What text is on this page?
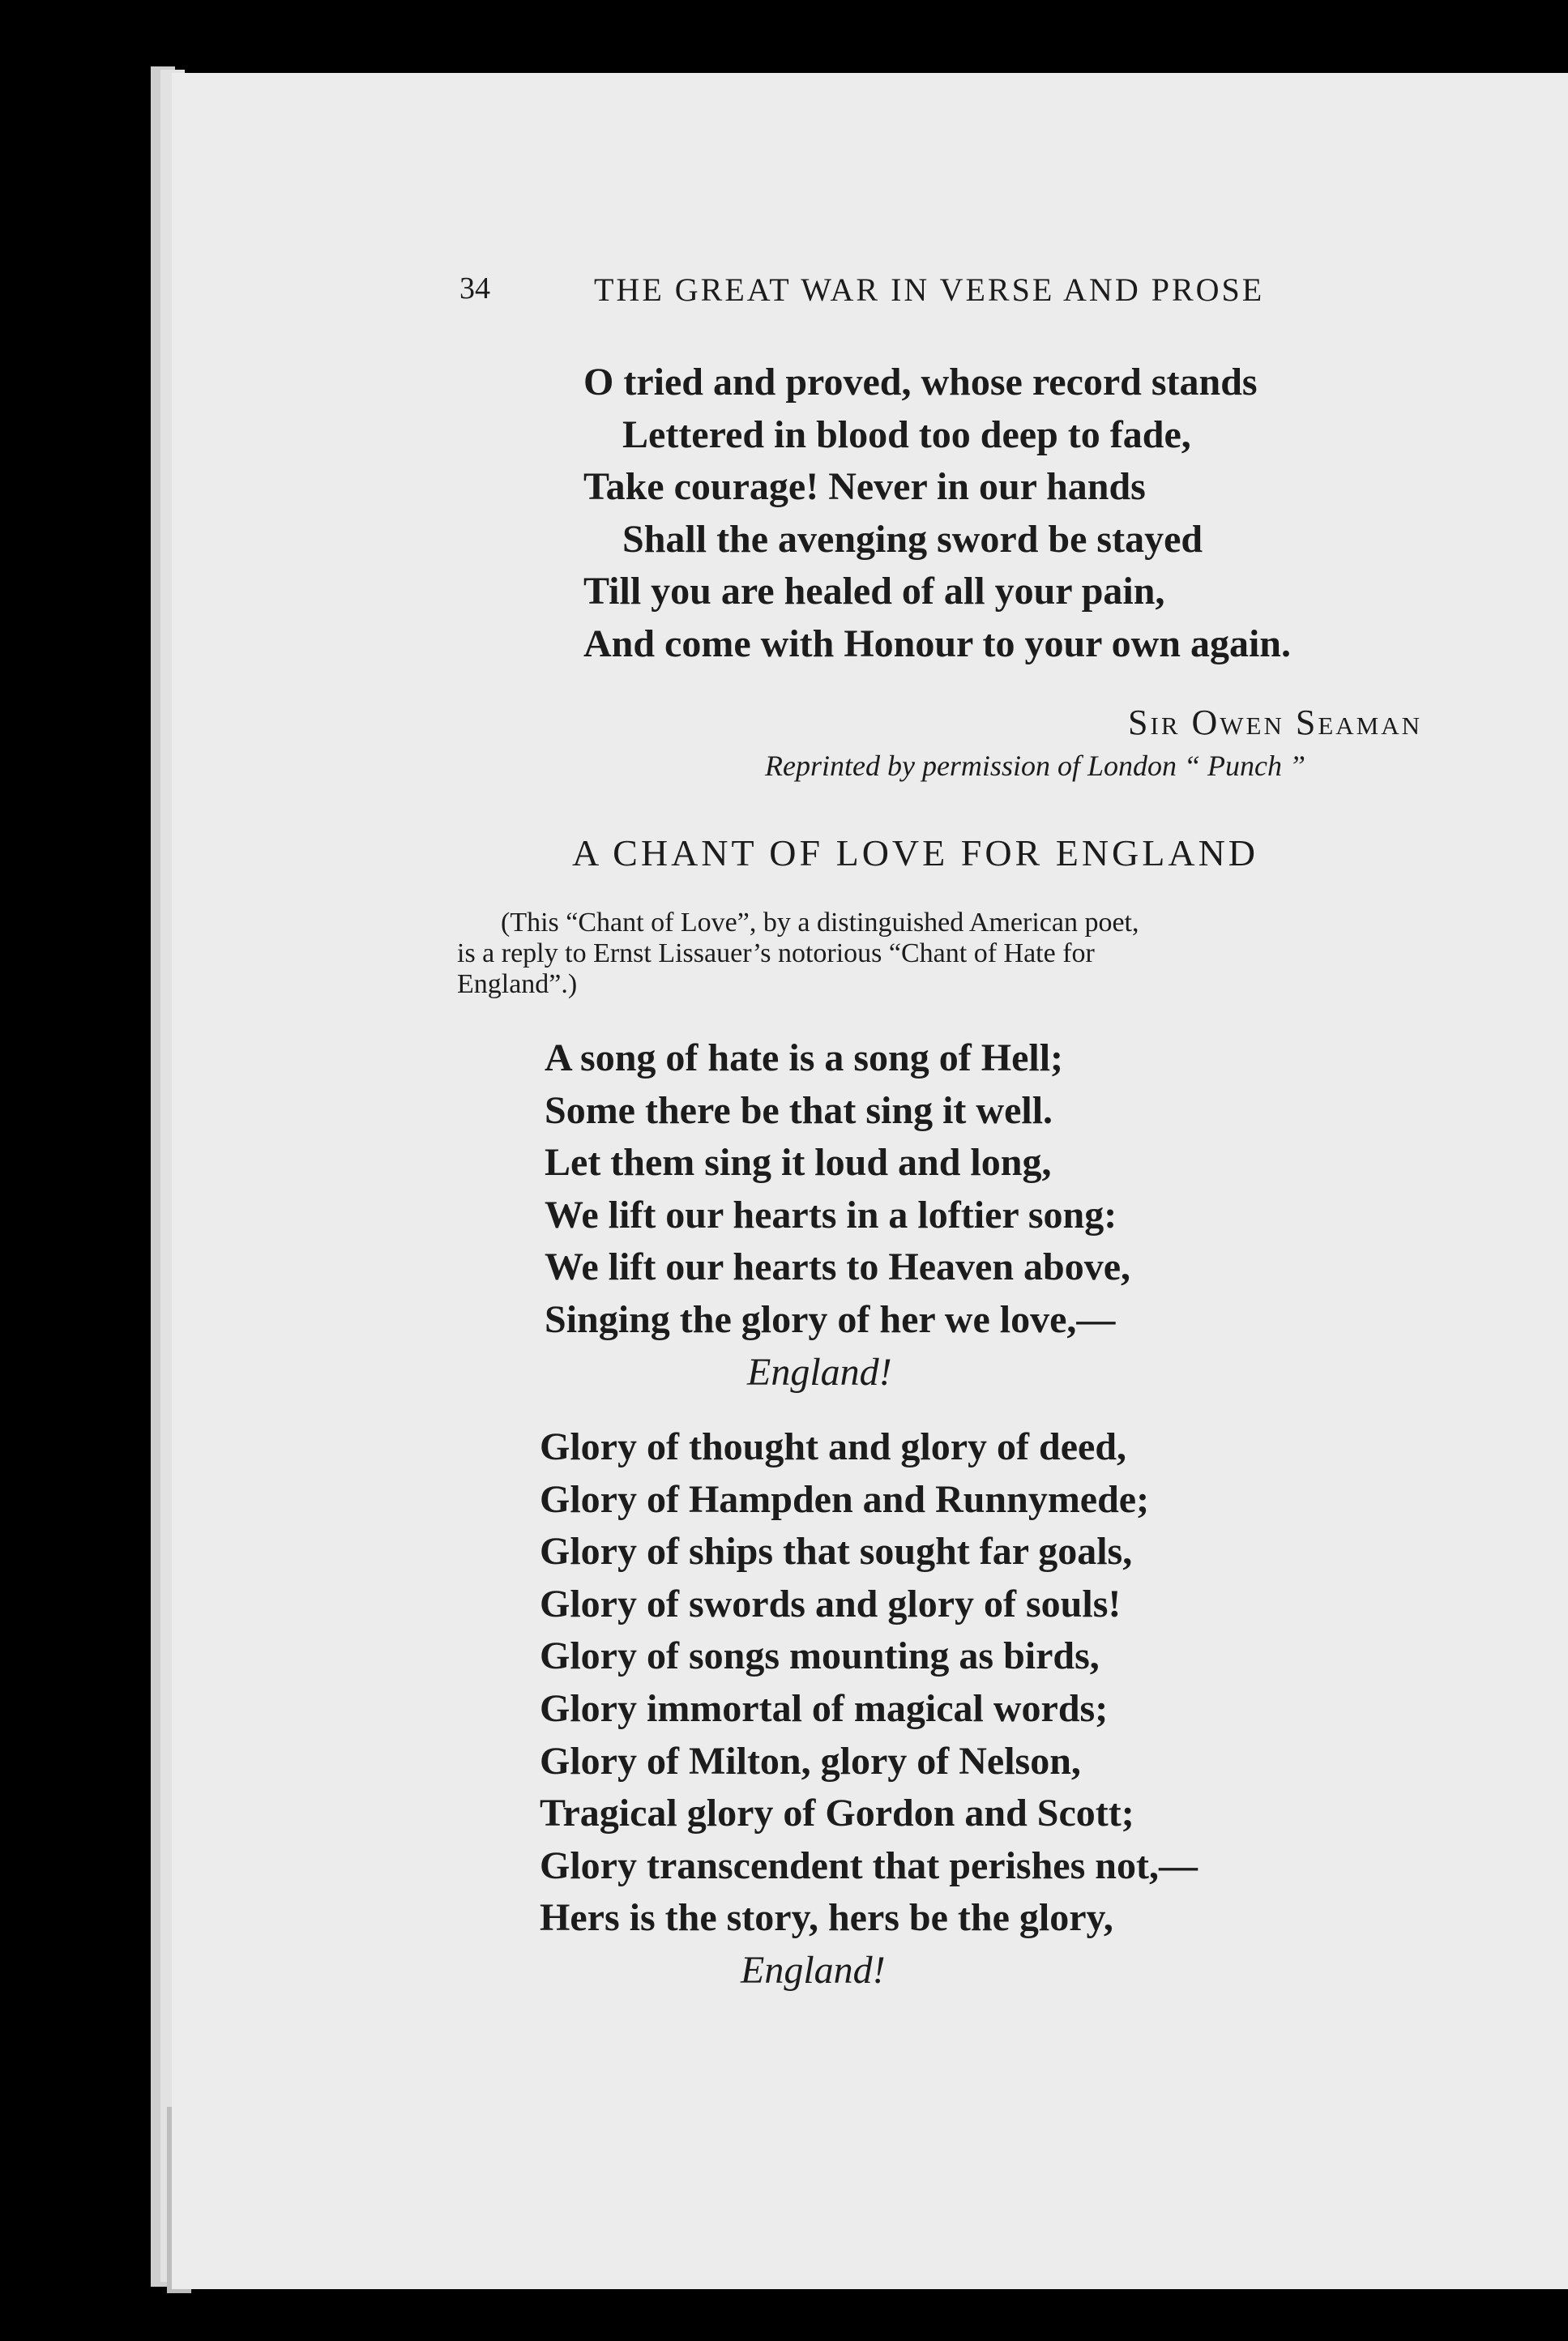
34	THE GREAT WAR IN VERSE AND PROSE
O tried and proved, whose record stands
Lettered in blood too deep to fade,
Take courage! Never in our hands
Shall the avenging sword be stayed
Till you are healed of all your pain,
And come with Honour to your own again.
Sir Owen Seaman
Reprinted by permission of London “ Punch ”
A CHANT OF LOVE FOR ENGLAND
(This “Chant of Love”, by a distinguished American poet,
is a reply to Ernst Lissauer’s notorious “Chant of Hate for
England”.)
A song of hate is a song of Hell;
Some there be that sing it well.
Let them sing it loud and long,
We lift our hearts in a loftier song:
We lift our hearts to Heaven above,
Singing the glory of her we love,—
England!
Glory of thought and glory of deed,
Glory of Hampden and Runnymede;
Glory of ships that sought far goals,
Glory of swords and glory of souls!
Glory of songs mounting as birds,
Glory immortal of magical words;
Glory of Milton, glory of Nelson,
Tragical glory of Gordon and Scott;
Glory transcendent that perishes not,—
Hers is the story, hers be the glory,
England!
